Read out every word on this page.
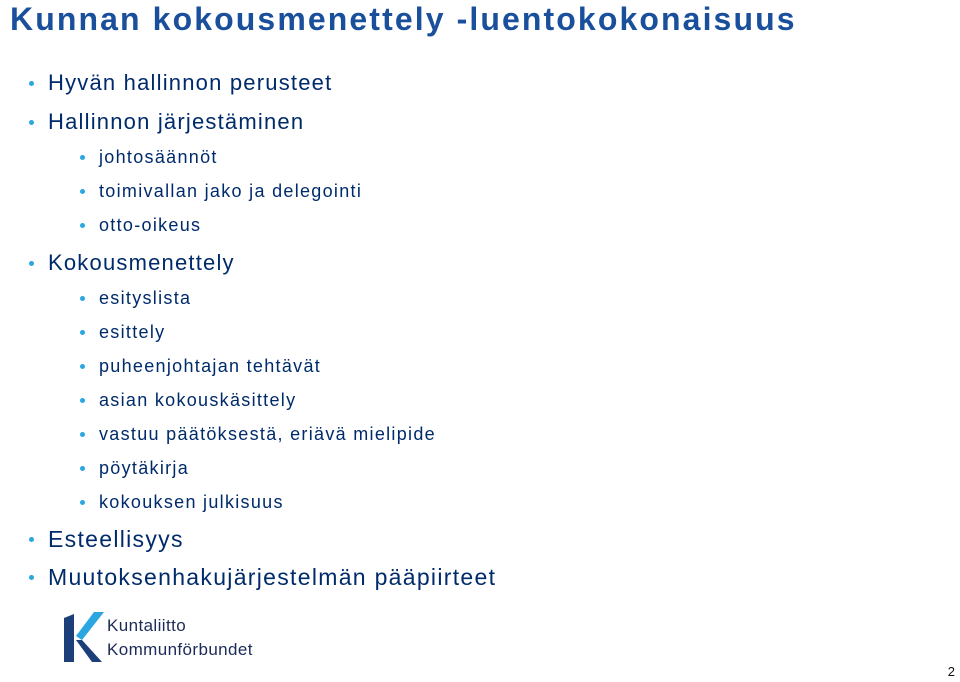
Kunnan kokousmenettely -luentokokonaisuus
Hyvän hallinnon perusteet
Hallinnon järjestäminen
johtosäännöt
toimivallan jako ja delegointi
otto-oikeus
Kokousmenettely
esityslista
esittely
puheenjohtajan tehtävät
asian kokouskäsittely
vastuu päätöksestä, eriävä mielipide
pöytäkirja
kokouksen julkisuus
Esteellisyys
Muutoksenhakujärjestelmän pääpiirteet
Kuntaliitto
Kommunförbundet
2
